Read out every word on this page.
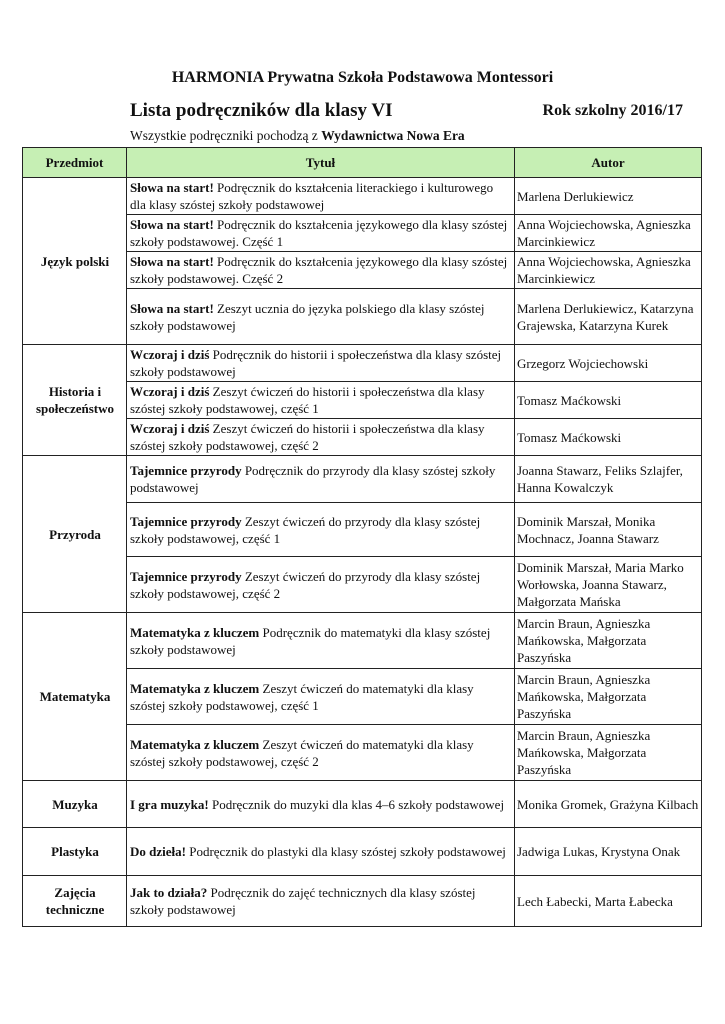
HARMONIA Prywatna Szkoła Podstawowa Montessori
Lista podręczników dla klasy VI	Rok szkolny 2016/17
Wszystkie podręczniki pochodzą z Wydawnictwa Nowa Era
Przedmiot	Tytuł	Autor
Język polski	Słowa na start! Podręcznik do kształcenia literackiego i kulturowego dla klasy szóstej szkoły podstawowej	Marlena Derlukiewicz
	Słowa na start! Podręcznik do kształcenia językowego dla klasy szóstej szkoły podstawowej. Część 1	Anna Wojciechowska, Agnieszka Marcinkiewicz
	Słowa na start! Podręcznik do kształcenia językowego dla klasy szóstej szkoły podstawowej. Część 2	Anna Wojciechowska, Agnieszka Marcinkiewicz
	Słowa na start! Zeszyt ucznia do języka polskiego dla klasy szóstej szkoły podstawowej	Marlena Derlukiewicz, Katarzyna Grajewska, Katarzyna Kurek
Historia i społeczeństwo	Wczoraj i dziś Podręcznik do historii i społeczeństwa dla klasy szóstej szkoły podstawowej	Grzegorz Wojciechowski
	Wczoraj i dziś Zeszyt ćwiczeń do historii i społeczeństwa dla klasy szóstej szkoły podstawowej, część 1	Tomasz Maćkowski
	Wczoraj i dziś Zeszyt ćwiczeń do historii i społeczeństwa dla klasy szóstej szkoły podstawowej, część 2	Tomasz Maćkowski
Przyroda	Tajemnice przyrody Podręcznik do przyrody dla klasy szóstej szkoły podstawowej	Joanna Stawarz, Feliks Szlajfer, Hanna Kowalczyk
	Tajemnice przyrody Zeszyt ćwiczeń do przyrody dla klasy szóstej szkoły podstawowej, część 1	Dominik Marszał, Monika Mochnacz, Joanna Stawarz
	Tajemnice przyrody Zeszyt ćwiczeń do przyrody dla klasy szóstej szkoły podstawowej, część 2	Dominik Marszał, Maria Marko Worłowska, Joanna Stawarz, Małgorzata Mańska
Matematyka	Matematyka z kluczem Podręcznik do matematyki dla klasy szóstej szkoły podstawowej	Marcin Braun, Agnieszka Mańkowska, Małgorzata Paszyńska
	Matematyka z kluczem Zeszyt ćwiczeń do matematyki dla klasy szóstej szkoły podstawowej, część 1	Marcin Braun, Agnieszka Mańkowska, Małgorzata Paszyńska
	Matematyka z kluczem Zeszyt ćwiczeń do matematyki dla klasy szóstej szkoły podstawowej, część 2	Marcin Braun, Agnieszka Mańkowska, Małgorzata Paszyńska
Muzyka	I gra muzyka! Podręcznik do muzyki dla klas 4–6 szkoły podstawowej	Monika Gromek, Grażyna Kilbach
Plastyka	Do dzieła! Podręcznik do plastyki dla klasy szóstej szkoły podstawowej	Jadwiga Lukas, Krystyna Onak
Zajęcia techniczne	Jak to działa? Podręcznik do zajęć technicznych dla klasy szóstej szkoły podstawowej	Lech Łabecki, Marta Łabecka
